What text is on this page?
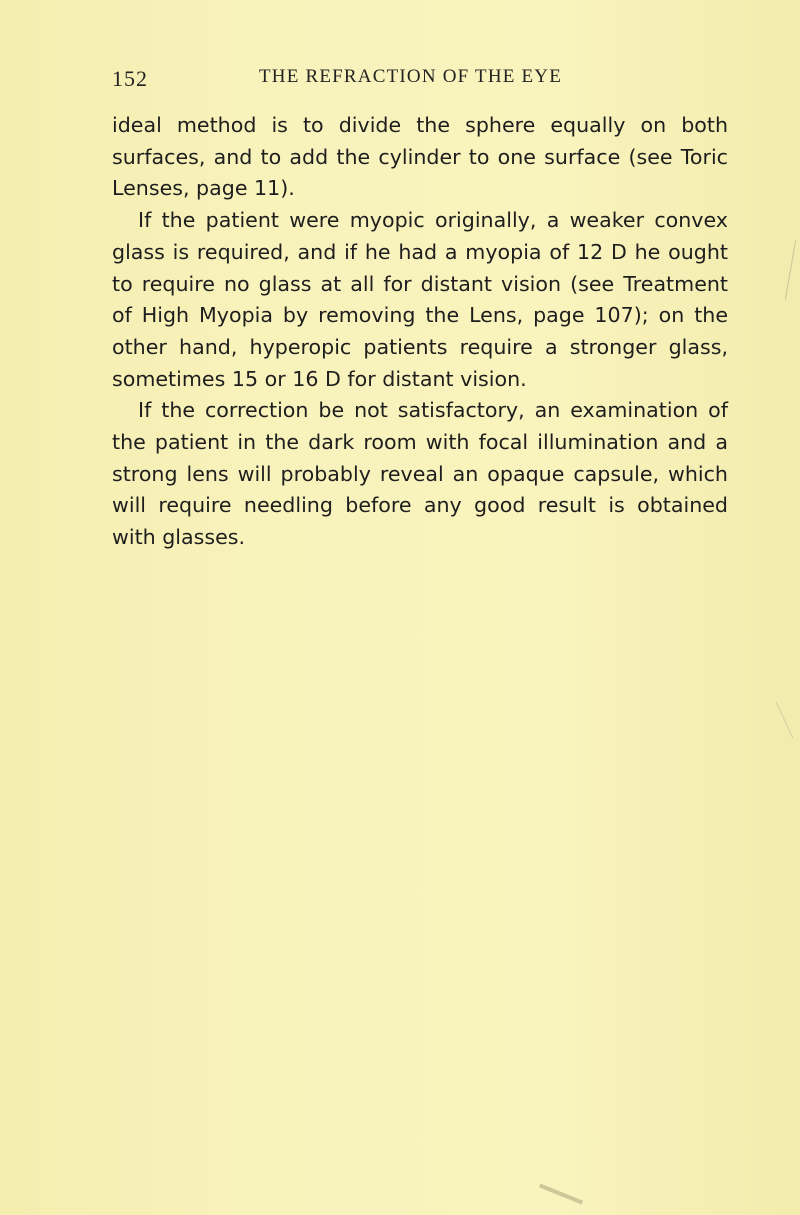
152	THE REFRACTION OF THE EYE

ideal method is to divide the sphere equally on both surfaces, and to add the cylinder to one surface (see Toric Lenses, page 11).

If the patient were myopic originally, a weaker convex glass is required, and if he had a myopia of 12 D he ought to require no glass at all for distant vision (see Treatment of High Myopia by removing the Lens, page 107); on the other hand, hyperopic patients require a stronger glass, sometimes 15 or 16 D for distant vision.

If the correction be not satisfactory, an examination of the patient in the dark room with focal illumination and a strong lens will probably reveal an opaque capsule, which will require needling before any good result is obtained with glasses.
